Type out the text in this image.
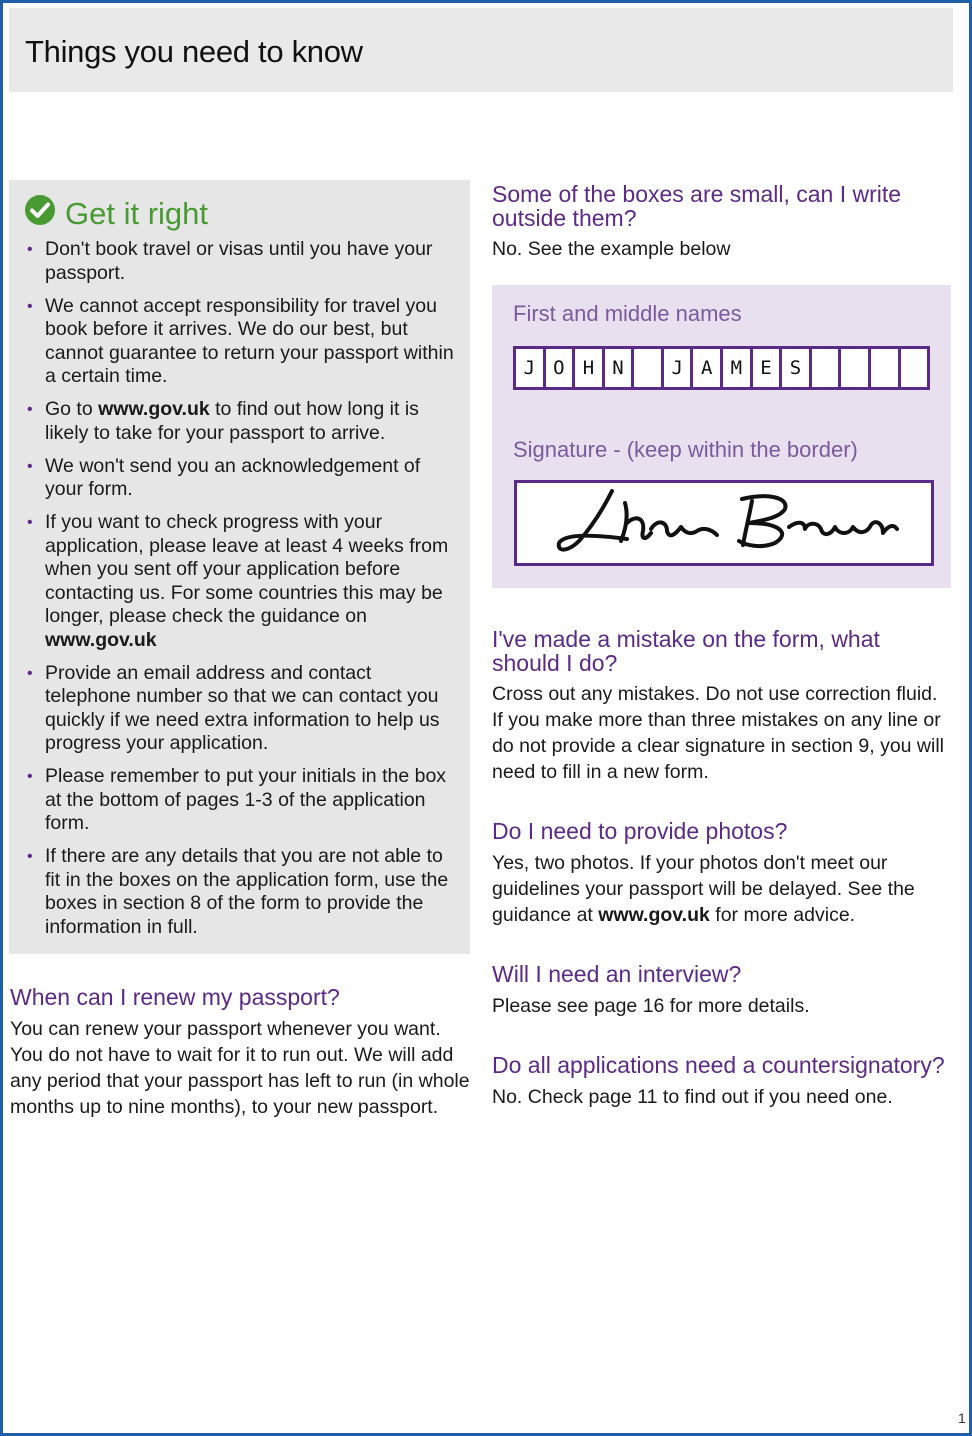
Things you need to know
Get it right
• Don't book travel or visas until you have your passport.
• We cannot accept responsibility for travel you book before it arrives. We do our best, but cannot guarantee to return your passport within a certain time.
• Go to www.gov.uk to find out how long it is likely to take for your passport to arrive.
• We won't send you an acknowledgement of your form.
• If you want to check progress with your application, please leave at least 4 weeks from when you sent off your application before contacting us. For some countries this may be longer, please check the guidance on www.gov.uk
• Provide an email address and contact telephone number so that we can contact you quickly if we need extra information to help us progress your application.
• Please remember to put your initials in the box at the bottom of pages 1-3 of the application form.
• If there are any details that you are not able to fit in the boxes on the application form, use the boxes in section 8 of the form to provide the information in full.
When can I renew my passport?
You can renew your passport whenever you want. You do not have to wait for it to run out. We will add any period that your passport has left to run (in whole months up to nine months), to your new passport.
Some of the boxes are small, can I write outside them?
No. See the example below
First and middle names
J O H N	J A M E S
Signature - (keep within the border)
I've made a mistake on the form, what should I do?
Cross out any mistakes. Do not use correction fluid. If you make more than three mistakes on any line or do not provide a clear signature in section 9, you will need to fill in a new form.
Do I need to provide photos?
Yes, two photos. If your photos don't meet our guidelines your passport will be delayed. See the guidance at www.gov.uk for more advice.
Will I need an interview?
Please see page 16 for more details.
Do all applications need a countersignatory?
No. Check page 11 to find out if you need one.
1
